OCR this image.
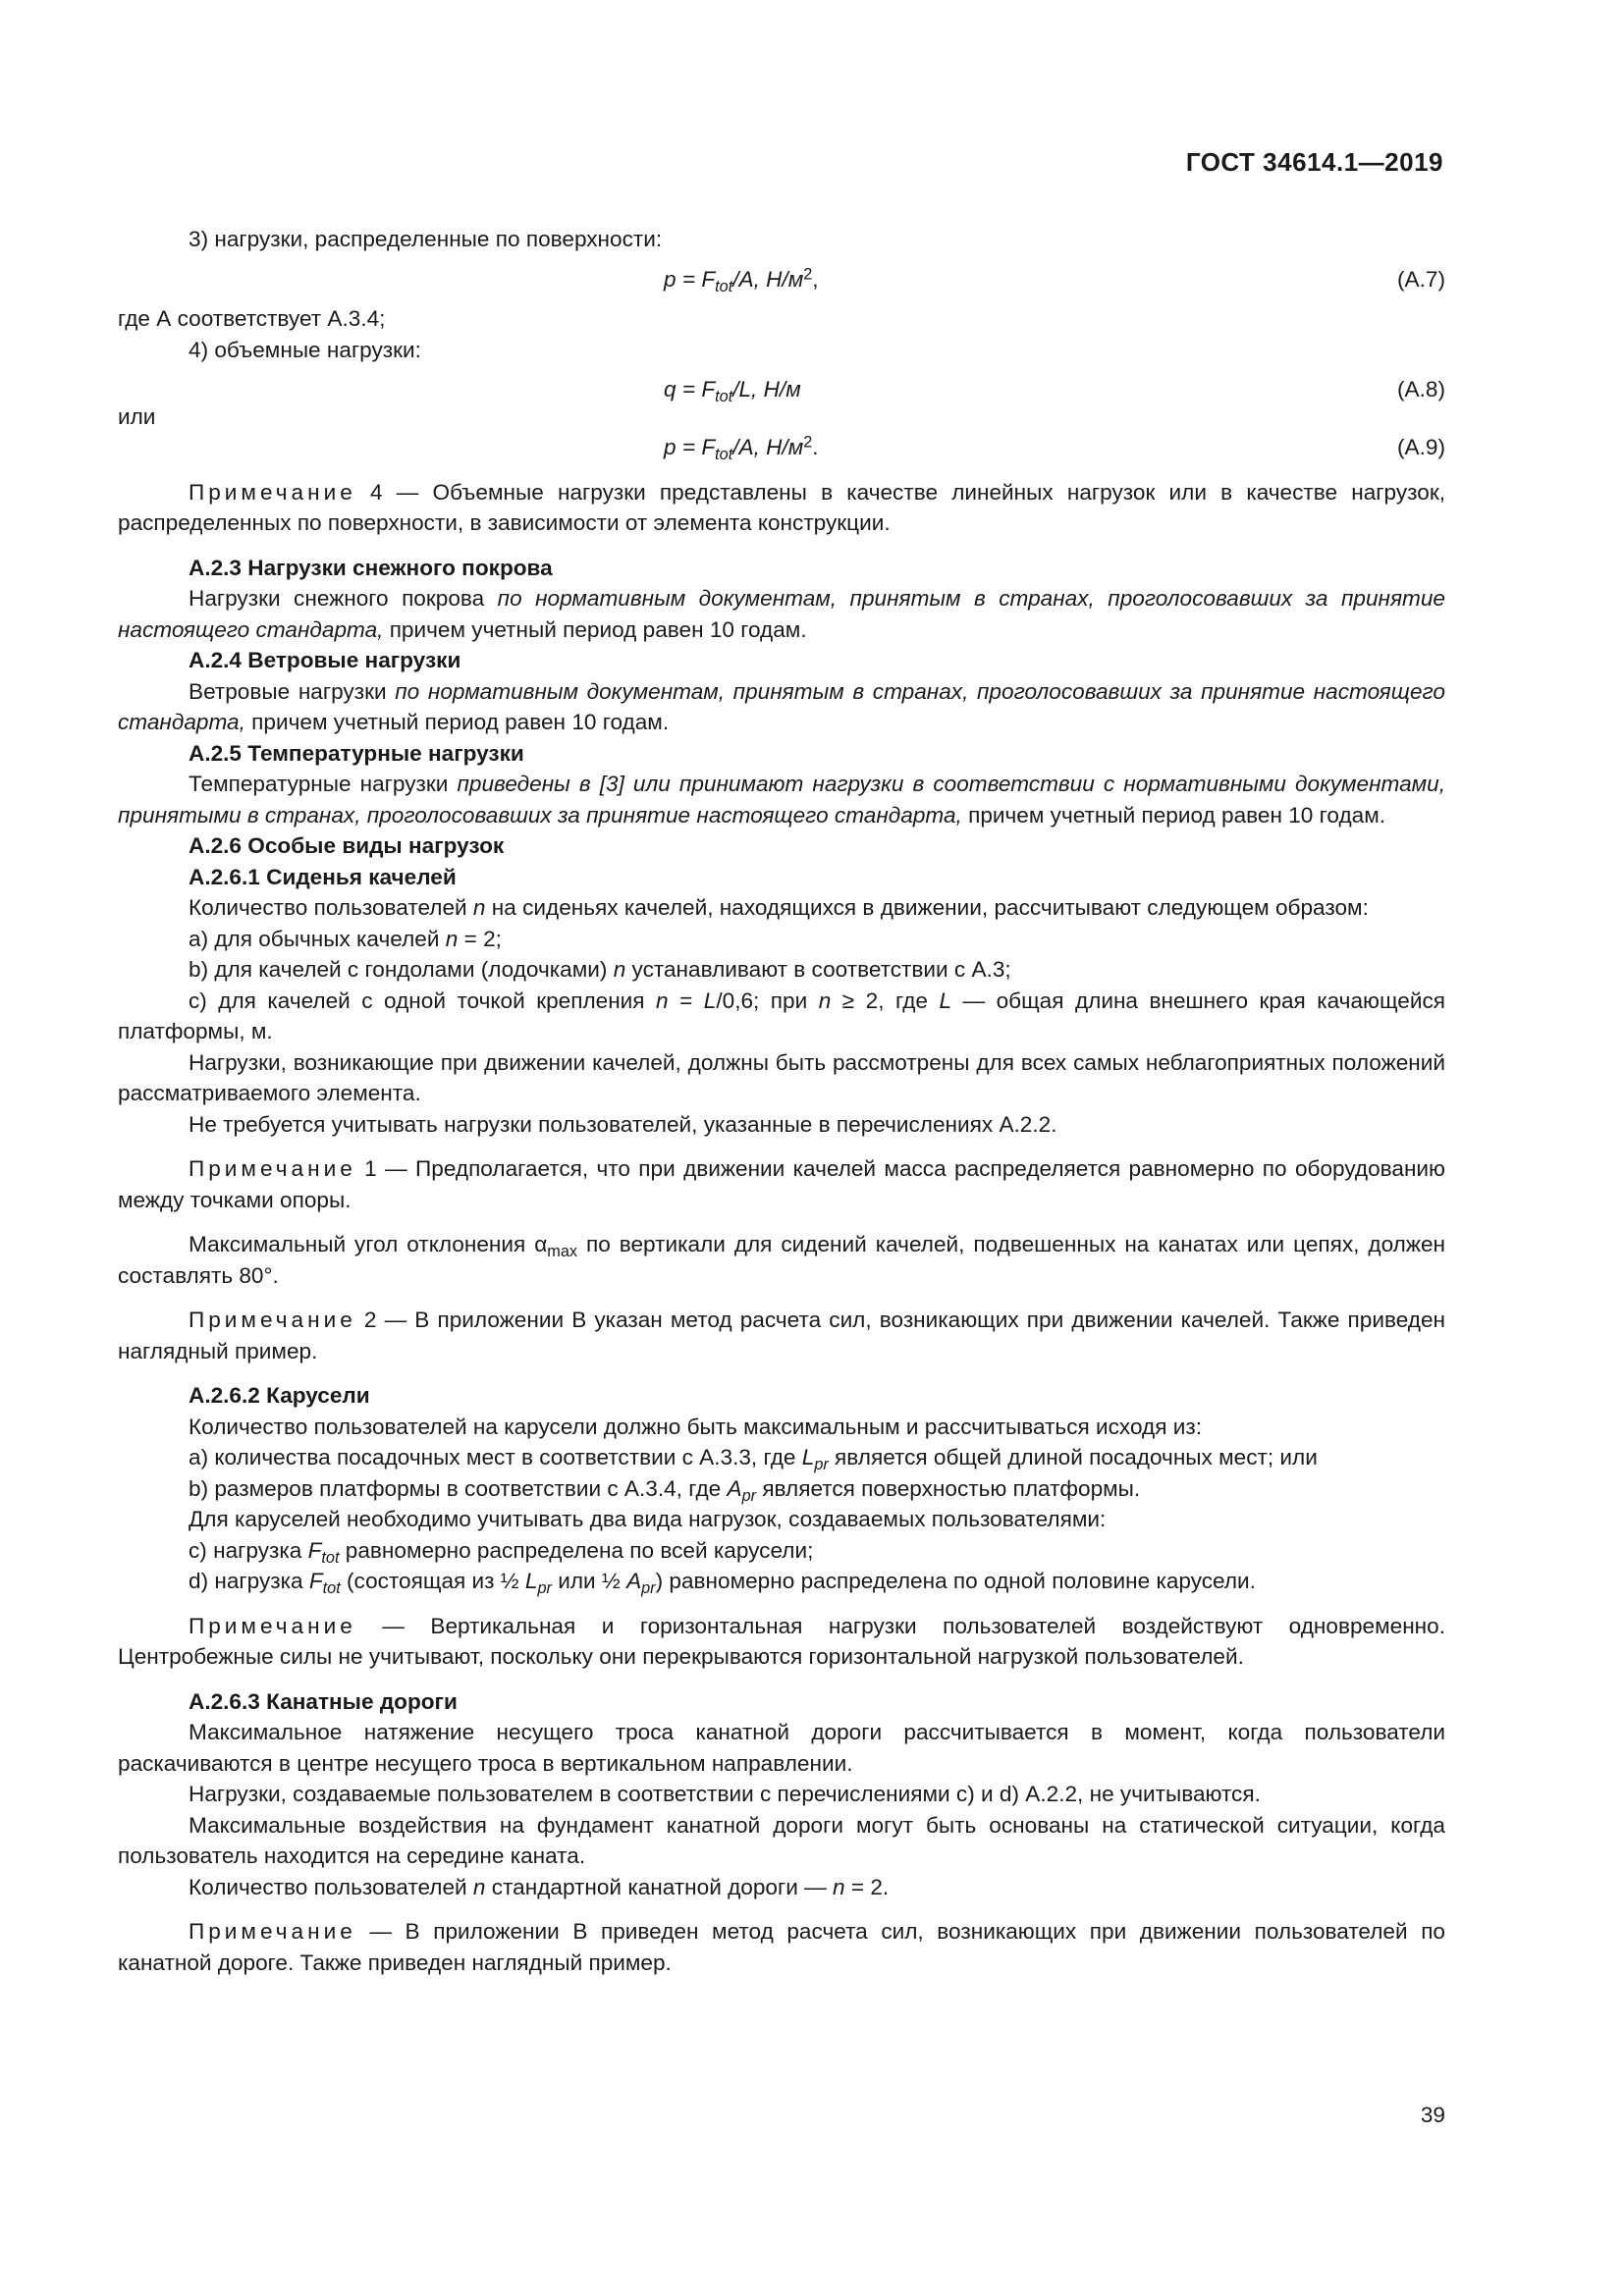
ГОСТ 34614.1—2019

3) нагрузки, распределенные по поверхности:

$p = F_{tot}/A$, $Н/м^2$,	(А.7)

где А соответствует А.3.4;

4) объемные нагрузки:

$q = F_{tot}/L$, Н/м	(А.8)

или

$p = F_{tot}/A$, $Н/м^2$.	(А.9)

Примечание 4 — Объемные нагрузки представлены в качестве линейных нагрузок или в качестве нагрузок, распределенных по поверхности, в зависимости от элемента конструкции.

А.2.3 Нагрузки снежного покрова

Нагрузки снежного покрова по нормативным документам, принятым в странах, проголосовавших за принятие настоящего стандарта, причем учетный период равен 10 годам.

А.2.4 Ветровые нагрузки

Ветровые нагрузки по нормативным документам, принятым в странах, проголосовавших за принятие настоящего стандарта, причем учетный период равен 10 годам.

А.2.5 Температурные нагрузки

Температурные нагрузки приведены в [3] или принимают нагрузки в соответствии с нормативными документами, принятыми в странах, проголосовавших за принятие настоящего стандарта, причем учетный период равен 10 годам.

А.2.6 Особые виды нагрузок

А.2.6.1 Сиденья качелей

Количество пользователей n на сиденьях качелей, находящихся в движении, рассчитывают следующем образом:

а) для обычных качелей n = 2;

b) для качелей с гондолами (лодочками) n устанавливают в соответствии с А.3;

с) для качелей с одной точкой крепления n = L/0,6; при n ≥ 2, где L — общая длина внешнего края качающейся платформы, м.

Нагрузки, возникающие при движении качелей, должны быть рассмотрены для всех самых неблагоприятных положений рассматриваемого элемента.

Не требуется учитывать нагрузки пользователей, указанные в перечислениях А.2.2.

Примечание 1 — Предполагается, что при движении качелей масса распределяется равномерно по оборудованию между точками опоры.

Максимальный угол отклонения $\alpha_{max}$ по вертикали для сидений качелей, подвешенных на канатах или цепях, должен составлять 80°.

Примечание 2 — В приложении В указан метод расчета сил, возникающих при движении качелей. Также приведен наглядный пример.

А.2.6.2 Карусели

Количество пользователей на карусели должно быть максимальным и рассчитываться исходя из:

а) количества посадочных мест в соответствии с А.3.3, где $L_{pr}$ является общей длиной посадочных мест; или

b) размеров платформы в соответствии с А.3.4, где $A_{pr}$ является поверхностью платформы.

Для каруселей необходимо учитывать два вида нагрузок, создаваемых пользователями:

с) нагрузка $F_{tot}$ равномерно распределена по всей карусели;

d) нагрузка $F_{tot}$ (состоящая из ½ $L_{pr}$ или ½ $A_{pr}$) равномерно распределена по одной половине карусели.

Примечание — Вертикальная и горизонтальная нагрузки пользователей воздействуют одновременно. Центробежные силы не учитывают, поскольку они перекрываются горизонтальной нагрузкой пользователей.

А.2.6.3 Канатные дороги

Максимальное натяжение несущего троса канатной дороги рассчитывается в момент, когда пользователи раскачиваются в центре несущего троса в вертикальном направлении.

Нагрузки, создаваемые пользователем в соответствии с перечислениями с) и d) А.2.2, не учитываются.

Максимальные воздействия на фундамент канатной дороги могут быть основаны на статической ситуации, когда пользователь находится на середине каната.

Количество пользователей n стандартной канатной дороги — n = 2.

Примечание — В приложении В приведен метод расчета сил, возникающих при движении пользователей по канатной дороге. Также приведен наглядный пример.

39
